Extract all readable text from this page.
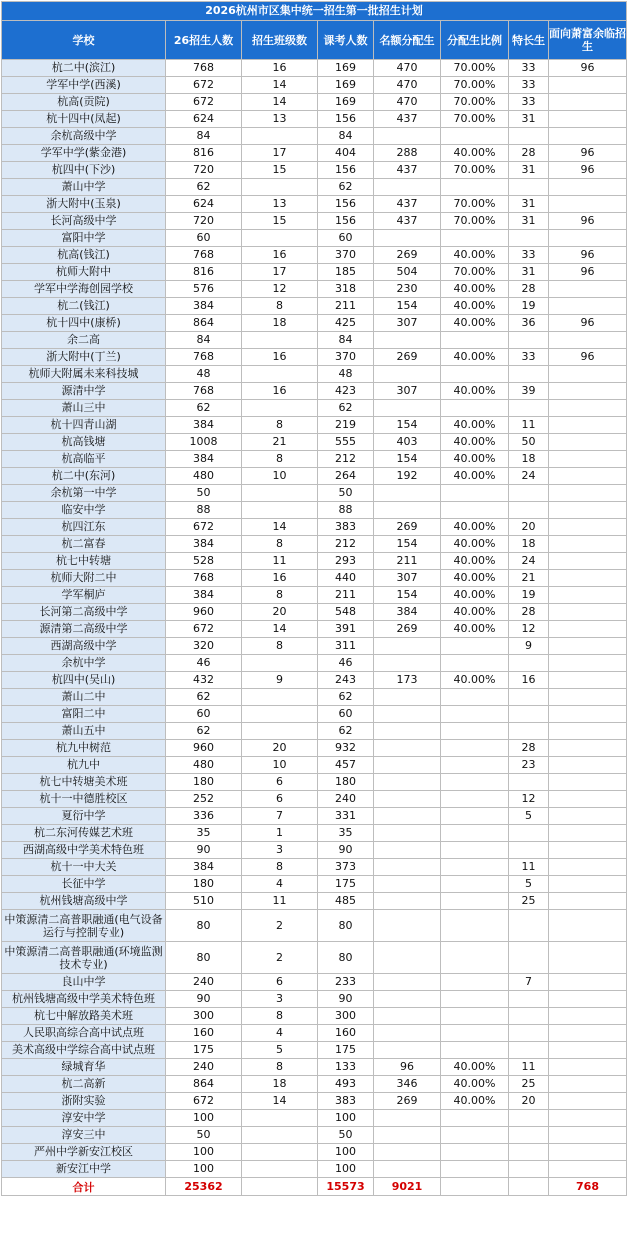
2026杭州市区集中统一招生第一批招生计划
学校	26招生人数	招生班级数	课考人数	名额分配生	分配生比例	特长生	面向萧富余临招生
杭二中(滨江)	768	16	169	470	70.00%	33	96
学军中学(西溪)	672	14	169	470	70.00%	33	
杭高(贡院)	672	14	169	470	70.00%	33	
杭十四中(凤起)	624	13	156	437	70.00%	31	
余杭高级中学	84		84				
学军中学(紫金港)	816	17	404	288	40.00%	28	96
杭四中(下沙)	720	15	156	437	70.00%	31	96
萧山中学	62		62				
浙大附中(玉泉)	624	13	156	437	70.00%	31	
长河高级中学	720	15	156	437	70.00%	31	96
富阳中学	60		60				
杭高(钱江)	768	16	370	269	40.00%	33	96
杭师大附中	816	17	185	504	70.00%	31	96
学军中学海创园学校	576	12	318	230	40.00%	28	
杭二(钱江)	384	8	211	154	40.00%	19	
杭十四中(康桥)	864	18	425	307	40.00%	36	96
余二高	84		84				
浙大附中(丁兰)	768	16	370	269	40.00%	33	96
杭师大附属未来科技城	48		48				
源清中学	768	16	423	307	40.00%	39	
萧山三中	62		62				
杭十四青山湖	384	8	219	154	40.00%	11	
杭高钱塘	1008	21	555	403	40.00%	50	
杭高临平	384	8	212	154	40.00%	18	
杭二中(东河)	480	10	264	192	40.00%	24	
余杭第一中学	50		50				
临安中学	88		88				
杭四江东	672	14	383	269	40.00%	20	
杭二富春	384	8	212	154	40.00%	18	
杭七中转塘	528	11	293	211	40.00%	24	
杭师大附二中	768	16	440	307	40.00%	21	
学军桐庐	384	8	211	154	40.00%	19	
长河第二高级中学	960	20	548	384	40.00%	28	
源清第二高级中学	672	14	391	269	40.00%	12	
西湖高级中学	320	8	311			9	
余杭中学	46		46				
杭四中(吴山)	432	9	243	173	40.00%	16	
萧山二中	62		62				
富阳二中	60		60				
萧山五中	62		62				
杭九中树范	960	20	932			28	
杭九中	480	10	457			23	
杭七中转塘美术班	180	6	180				
杭十一中德胜校区	252	6	240			12	
夏衍中学	336	7	331			5	
杭二东河传媒艺术班	35	1	35				
西湖高级中学美术特色班	90	3	90				
杭十一中大关	384	8	373			11	
长征中学	180	4	175			5	
杭州钱塘高级中学	510	11	485			25	
中策源清二高普职融通(电气设备运行与控制专业)	80	2	80				
中策源清二高普职融通(环境监测技术专业)	80	2	80				
良山中学	240	6	233			7	
杭州钱塘高级中学美术特色班	90	3	90				
杭七中解放路美术班	300	8	300				
人民职高综合高中试点班	160	4	160				
美术高级中学综合高中试点班	175	5	175				
绿城育华	240	8	133	96	40.00%	11	
杭二高新	864	18	493	346	40.00%	25	
浙附实验	672	14	383	269	40.00%	20	
淳安中学	100		100				
淳安三中	50		50				
严州中学新安江校区	100		100				
新安江中学	100		100				
合计	25362		15573	9021			768
